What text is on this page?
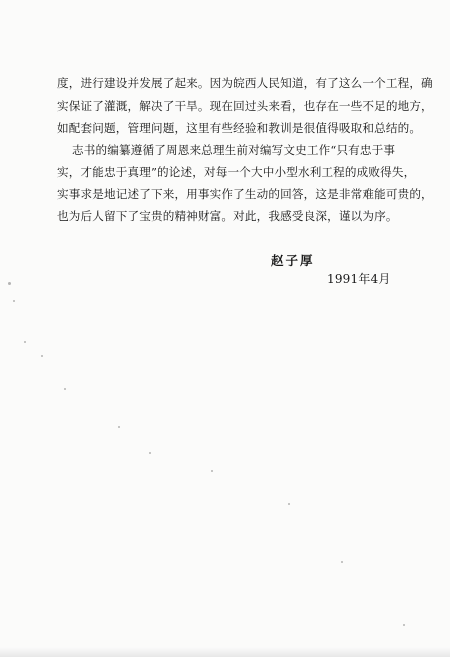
度，进行建设并发展了起来。因为皖西人民知道，有了这么一个工程，确
实保证了灌溉，解决了干旱。现在回过头来看，也存在一些不足的地方，
如配套问题，管理问题，这里有些经验和教训是很值得吸取和总结的。
志书的编纂遵循了周恩来总理生前对编写文史工作“只有忠于事
实，才能忠于真理”的论述，对每一个大中小型水利工程的成败得失，
实事求是地记述了下来，用事实作了生动的回答，这是非常难能可贵的，
也为后人留下了宝贵的精神财富。对此，我感受良深，谨以为序。
赵子厚
1991年4月
